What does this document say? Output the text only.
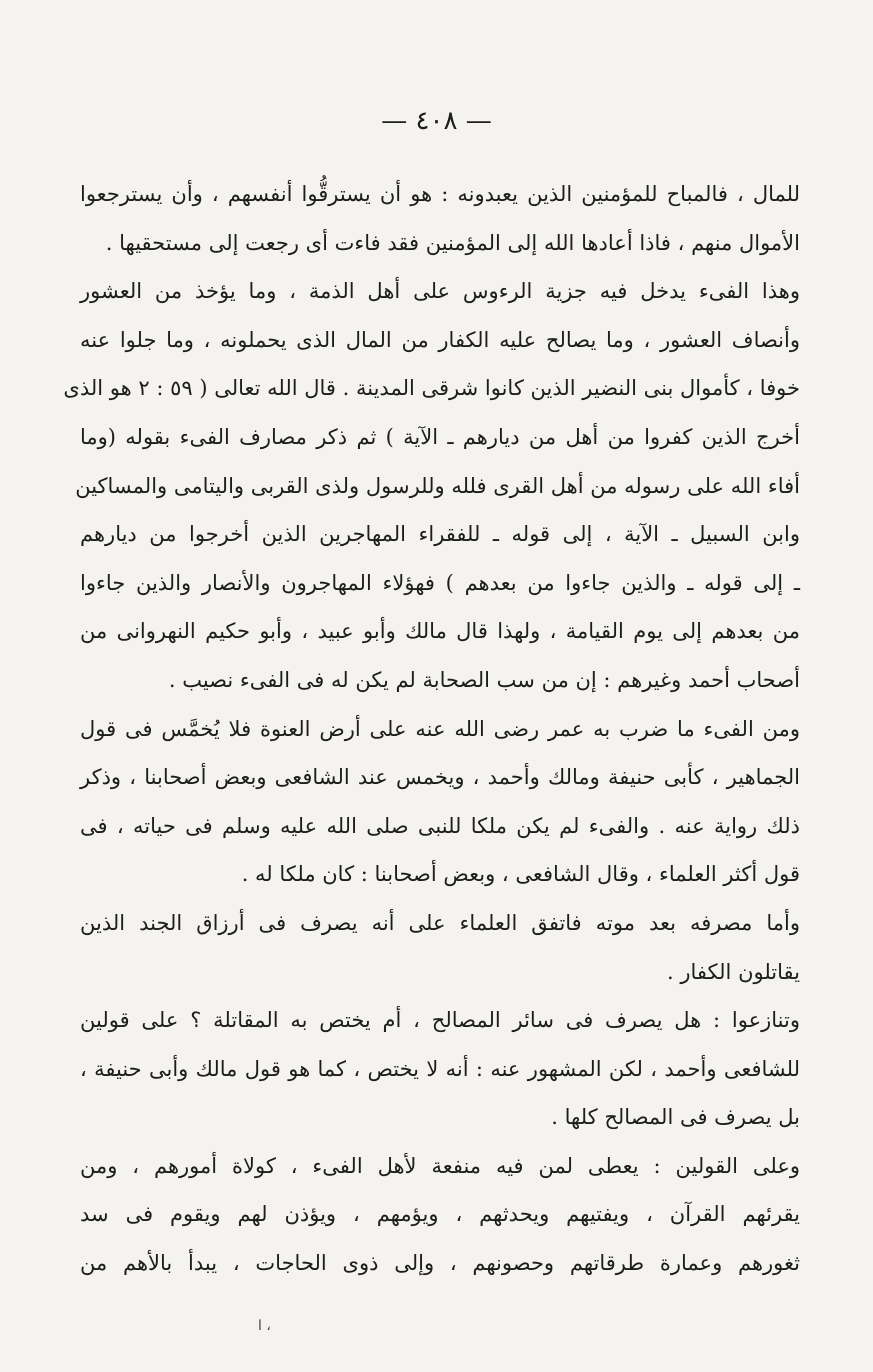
— ٤٠٨ —
للمال ، فالمباح للمؤمنين الذين يعبدونه : هو أن يسترقُّوا أنفسهم ، وأن يسترجعوا
الأموال منهم ، فاذا أعادها الله إلى المؤمنين فقد فاءت أى رجعت إلى مستحقيها .
وهذا الفىء يدخل فيه جزية الرءوس على أهل الذمة ، وما يؤخذ من العشور
وأنصاف العشور ، وما يصالح عليه الكفار من المال الذى يحملونه ، وما جلوا عنه
خوفا ، كأموال بنى النضير الذين كانوا شرقى المدينة . قال الله تعالى ( ٥٩ : ٢ هو الذى
أخرج الذين كفروا من أهل من ديارهم ـ الآية ) ثم ذكر مصارف الفىء بقوله (وما
أفاء الله على رسوله من أهل القرى فلله وللرسول ولذى القربى واليتامى والمساكين
وابن السبيل ـ الآية ، إلى قوله ـ للفقراء المهاجرين الذين أخرجوا من ديارهم
ـ إلى قوله ـ والذين جاءوا من بعدهم ) فهؤلاء المهاجرون والأنصار والذين جاءوا
من بعدهم إلى يوم القيامة ، ولهذا قال مالك وأبو عبيد ، وأبو حكيم النهروانى من
أصحاب أحمد وغيرهم : إن من سب الصحابة لم يكن له فى الفىء نصيب .
ومن الفىء ما ضرب به عمر رضى الله عنه على أرض العنوة فلا يُخمَّس فى قول
الجماهير ، كأبى حنيفة ومالك وأحمد ، ويخمس عند الشافعى وبعض أصحابنا ، وذكر
ذلك رواية عنه . والفىء لم يكن ملكا للنبى صلى الله عليه وسلم فى حياته ، فى
قول أكثر العلماء ، وقال الشافعى ، وبعض أصحابنا : كان ملكا له .
وأما مصرفه بعد موته فاتفق العلماء على أنه يصرف فى أرزاق الجند الذين
يقاتلون الكفار .
وتنازعوا : هل يصرف فى سائر المصالح ، أم يختص به المقاتلة ؟ على قولين
للشافعى وأحمد ، لكن المشهور عنه : أنه لا يختص ، كما هو قول مالك وأبى حنيفة ،
بل يصرف فى المصالح كلها .
وعلى القولين : يعطى لمن فيه منفعة لأهل الفىء ، كولاة أمورهم ، ومن
يقرئهم القرآن ، ويفتيهم ويحدثهم ، ويؤمهم ، ويؤذن لهم ويقوم فى سد
ثغورهم وعمارة طرقاتهم وحصونهم ، وإلى ذوى الحاجات ، يبدأ بالأهم من
ا ،
